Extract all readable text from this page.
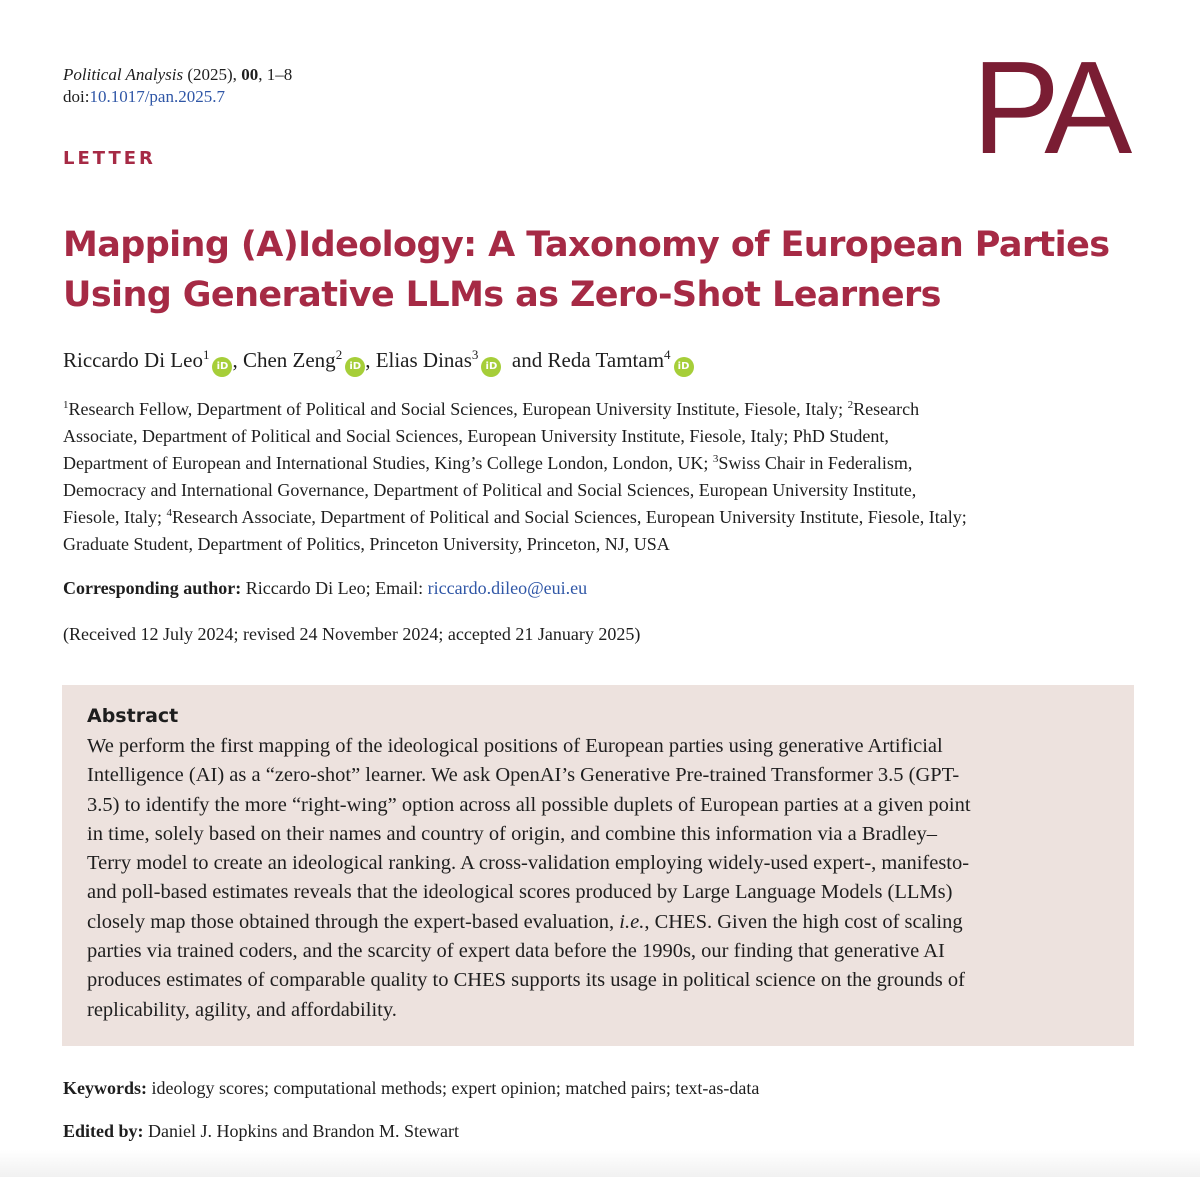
Political Analysis (2025), 00, 1–8
doi:10.1017/pan.2025.7	PA
LETTER
Mapping (A)Ideology: A Taxonomy of European Parties
Using Generative LLMs as Zero-Shot Learners
Riccardo Di Leo$^1$iD , Chen Zeng$^2$iD , Elias Dinas$^3$iD  and Reda Tamtam$^4$iD
$^1$Research Fellow, Department of Political and Social Sciences, European University Institute, Fiesole, Italy; $^2$Research
Associate, Department of Political and Social Sciences, European University Institute, Fiesole, Italy; PhD Student,
Department of European and International Studies, King’s College London, London, UK; $^3$Swiss Chair in Federalism,
Democracy and International Governance, Department of Political and Social Sciences, European University Institute,
Fiesole, Italy; $^4$Research Associate, Department of Political and Social Sciences, European University Institute, Fiesole, Italy;
Graduate Student, Department of Politics, Princeton University, Princeton, NJ, USA
Corresponding author: Riccardo Di Leo; Email: riccardo.dileo@eui.eu
(Received 12 July 2024; revised 24 November 2024; accepted 21 January 2025)
Abstract
We perform the first mapping of the ideological positions of European parties using generative Artificial
Intelligence (AI) as a “zero-shot” learner. We ask OpenAI’s Generative Pre-trained Transformer 3.5 (GPT-
3.5) to identify the more “right-wing” option across all possible duplets of European parties at a given point
in time, solely based on their names and country of origin, and combine this information via a Bradley–
Terry model to create an ideological ranking. A cross-validation employing widely-used expert-, manifesto-
and poll-based estimates reveals that the ideological scores produced by Large Language Models (LLMs)
closely map those obtained through the expert-based evaluation, i.e., CHES. Given the high cost of scaling
parties via trained coders, and the scarcity of expert data before the 1990s, our finding that generative AI
produces estimates of comparable quality to CHES supports its usage in political science on the grounds of
replicability, agility, and affordability.
Keywords: ideology scores; computational methods; expert opinion; matched pairs; text-as-data
Edited by: Daniel J. Hopkins and Brandon M. Stewart
